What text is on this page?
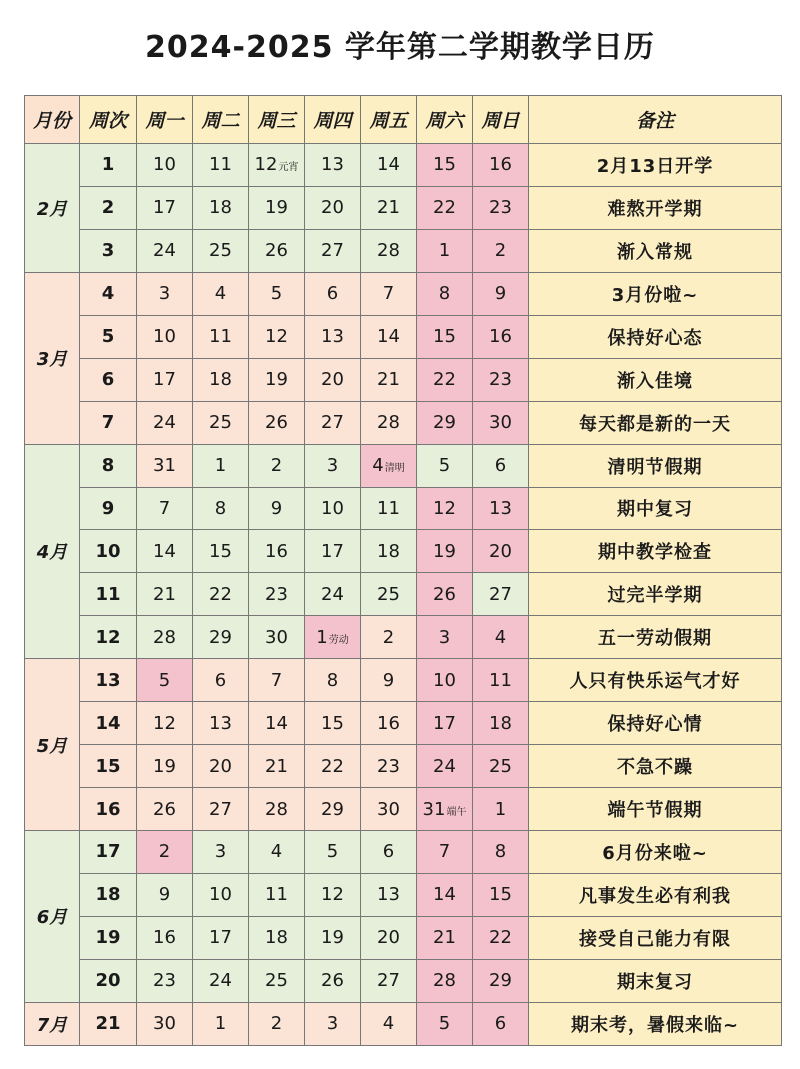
2024-2025 学年第二学期教学日历
月份	周次	周一	周二	周三	周四	周五	周六	周日	备注
2月	1	10	11	12元宵	13	14	15	16	2月13日开学
	2	17	18	19	20	21	22	23	难熬开学期
	3	24	25	26	27	28	1	2	渐入常规
3月	4	3	4	5	6	7	8	9	3月份啦~
	5	10	11	12	13	14	15	16	保持好心态
	6	17	18	19	20	21	22	23	渐入佳境
	7	24	25	26	27	28	29	30	每天都是新的一天
4月	8	31	1	2	3	4清明	5	6	清明节假期
	9	7	8	9	10	11	12	13	期中复习
	10	14	15	16	17	18	19	20	期中教学检查
	11	21	22	23	24	25	26	27	过完半学期
	12	28	29	30	1劳动	2	3	4	五一劳动假期
5月	13	5	6	7	8	9	10	11	人只有快乐运气才好
	14	12	13	14	15	16	17	18	保持好心情
	15	19	20	21	22	23	24	25	不急不躁
	16	26	27	28	29	30	31端午	1	端午节假期
6月	17	2	3	4	5	6	7	8	6月份来啦~
	18	9	10	11	12	13	14	15	凡事发生必有利我
	19	16	17	18	19	20	21	22	接受自己能力有限
	20	23	24	25	26	27	28	29	期末复习
7月	21	30	1	2	3	4	5	6	期末考，暑假来临~
